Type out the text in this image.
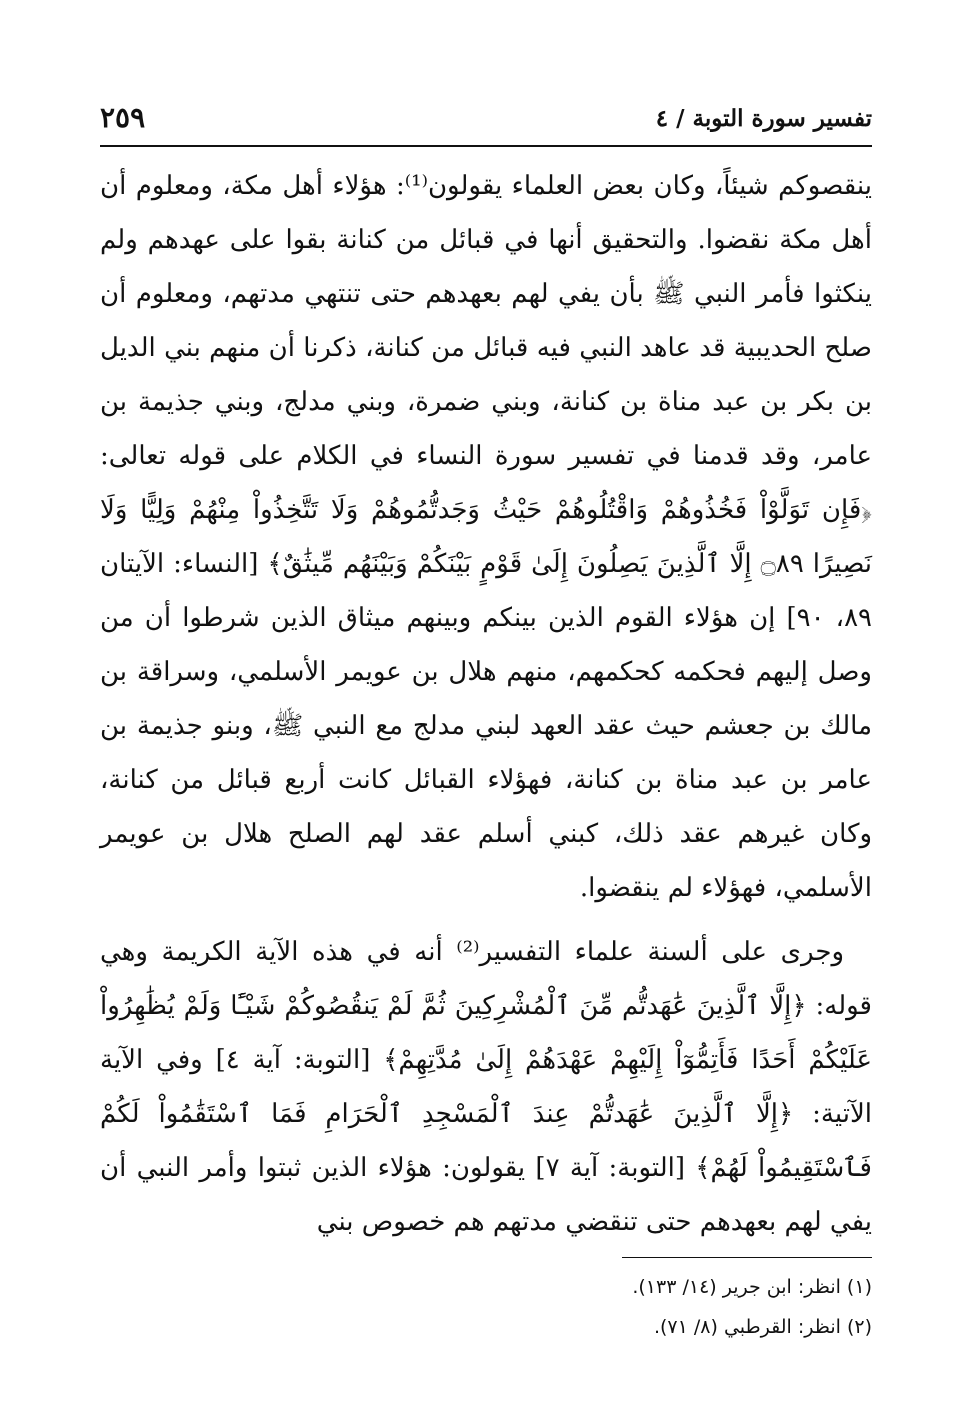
تفسير سورة التوبة / ٤
٢٥٩

ينقصوكم شيئاً، وكان بعض العلماء يقولون⁽¹⁾: هؤلاء أهل مكة، ومعلوم أن أهل مكة نقضوا. والتحقيق أنها في قبائل من كنانة بقوا على عهدهم ولم ينكثوا فأمر النبي ﷺ بأن يفي لهم بعهدهم حتى تنتهي مدتهم، ومعلوم أن صلح الحديبية قد عاهد النبي فيه قبائل من كنانة، ذكرنا أن منهم بني الديل بن بكر بن عبد مناة بن كنانة، وبني ضمرة، وبني مدلج، وبني جذيمة بن عامر، وقد قدمنا في تفسير سورة النساء في الكلام على قوله تعالى: ﴿فَإِن تَوَلَّوْاْ فَخُذُوهُمْ وَاقْتُلُوهُمْ حَيْثُ وَجَدتُّمُوهُمْ وَلَا تَتَّخِذُواْ مِنْهُمْ وَلِيًّا وَلَا نَصِيرًا ۝٨٩ إِلَّا ٱلَّذِينَ يَصِلُونَ إِلَىٰ قَوْمٍ بَيْنَكُمْ وَبَيْنَهُم مِّيثَٰقٌ﴾ [النساء: الآيتان ٨٩، ٩٠] إن هؤلاء القوم الذين بينكم وبينهم ميثاق الذين شرطوا أن من وصل إليهم فحكمه كحكمهم، منهم هلال بن عويمر الأسلمي، وسراقة بن مالك بن جعشم حيث عقد العهد لبني مدلج مع النبي ﷺ، وبنو جذيمة بن عامر بن عبد مناة بن كنانة، فهؤلاء القبائل كانت أربع قبائل من كنانة، وكان غيرهم عقد ذلك، كبني أسلم عقد لهم الصلح هلال بن عويمر الأسلمي، فهؤلاء لم ينقضوا.

وجرى على ألسنة علماء التفسير⁽²⁾ أنه في هذه الآية الكريمة وهي قوله: ﴿إِلَّا ٱلَّذِينَ عَٰهَدتُّم مِّنَ ٱلْمُشْرِكِينَ ثُمَّ لَمْ يَنقُصُوكُمْ شَيْـًٔا وَلَمْ يُظَٰهِرُواْ عَلَيْكُمْ أَحَدًا فَأَتِمُّوٓاْ إِلَيْهِمْ عَهْدَهُمْ إِلَىٰ مُدَّتِهِمْ﴾ [التوبة: آية ٤] وفي الآية الآتية: ﴿إِلَّا ٱلَّذِينَ عَٰهَدتُّمْ عِندَ ٱلْمَسْجِدِ ٱلْحَرَامِ فَمَا ٱسْتَقَٰمُواْ لَكُمْ فَٱسْتَقِيمُواْ لَهُمْ﴾ [التوبة: آية ٧] يقولون: هؤلاء الذين ثبتوا وأمر النبي أن يفي لهم بعهدهم حتى تنقضي مدتهم هم خصوص بني

(١) انظر: ابن جرير (١٤/ ١٣٣).
(٢) انظر: القرطبي (٨/ ٧١).
